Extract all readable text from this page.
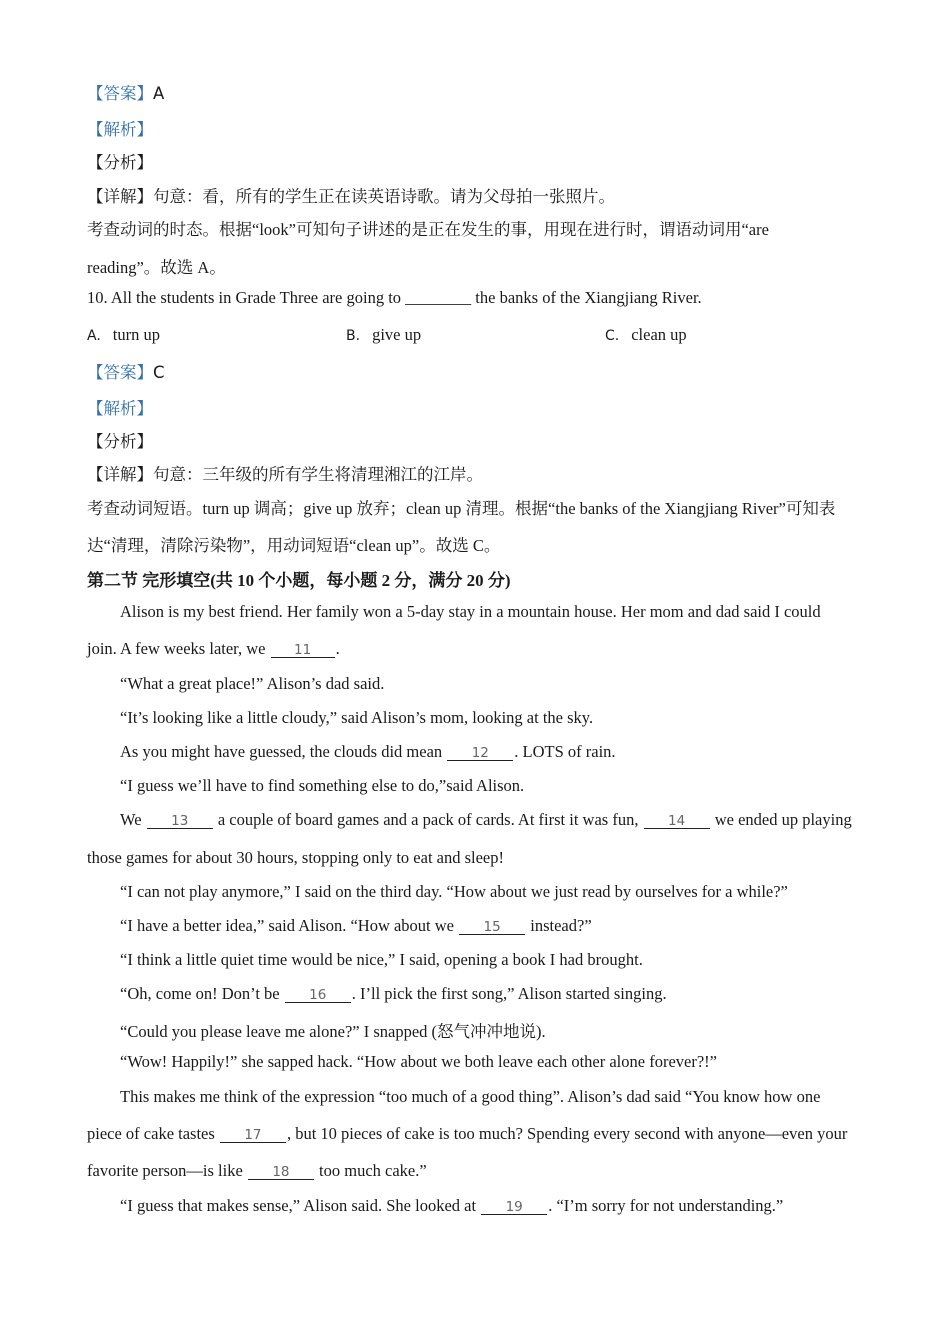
【答案】A
【解析】
【分析】
【详解】句意：看，所有的学生正在读英语诗歌。请为父母拍一张照片。
考查动词的时态。根据“look”可知句子讲述的是正在发生的事，用现在进行时，谓语动词用“are
reading”。故选 A。
10. All the students in Grade Three are going to ________ the banks of the Xiangjiang River.
A. turn up	B. give up	C. clean up
【答案】C
【解析】
【分析】
【详解】句意：三年级的所有学生将清理湘江的江岸。
考查动词短语。turn up 调高；give up 放弃；clean up 清理。根据“the banks of the Xiangjiang River”可知表
达“清理，清除污染物”，用动词短语“clean up”。故选 C。
第二节 完形填空(共 10 个小题，每小题 2 分，满分 20 分)
Alison is my best friend. Her family won a 5-day stay in a mountain house. Her mom and dad said I could
join. A few weeks later, we 11 .
“What a great place!” Alison’s dad said.
“It’s looking like a little cloudy,” said Alison’s mom, looking at the sky.
As you might have guessed, the clouds did mean 12 . LOTS of rain.
“I guess we’ll have to find something else to do,”said Alison.
We 13 a couple of board games and a pack of cards. At first it was fun, 14 we ended up playing
those games for about 30 hours, stopping only to eat and sleep!
“I can not play anymore,” I said on the third day. “How about we just read by ourselves for a while?”
“I have a better idea,” said Alison. “How about we 15 instead?”
“I think a little quiet time would be nice,” I said, opening a book I had brought.
“Oh, come on! Don’t be 16 . I’ll pick the first song,” Alison started singing.
“Could you please leave me alone?” I snapped (怒气冲冲地说).
“Wow! Happily!” she sapped hack. “How about we both leave each other alone forever?!”
This makes me think of the expression “too much of a good thing”. Alison’s dad said “You know how one
piece of cake tastes 17 , but 10 pieces of cake is too much? Spending every second with anyone—even your
favorite person—is like 18 too much cake.”
“I guess that makes sense,” Alison said. She looked at 19 . “I’m sorry for not understanding.”
